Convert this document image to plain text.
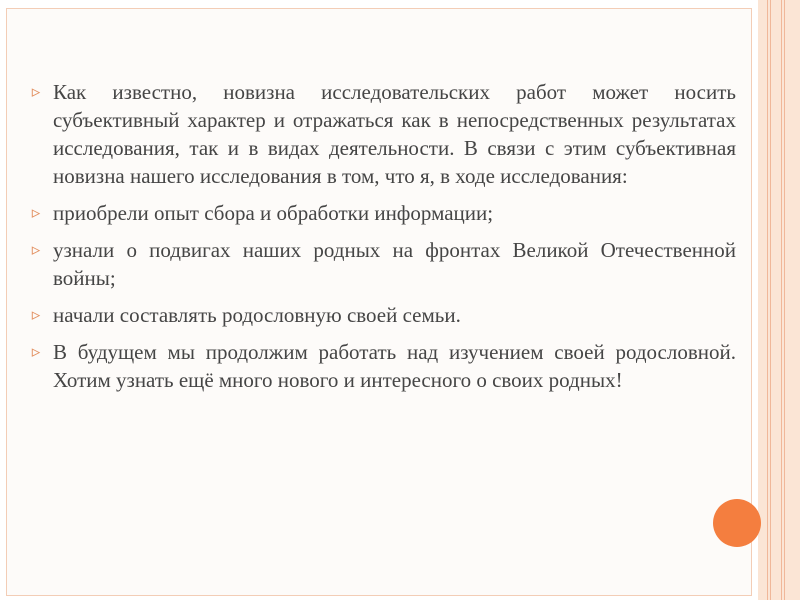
▹ Как известно, новизна исследовательских работ может носить субъективный характер и отражаться как в непосредственных результатах исследования, так и в видах деятельности. В связи с этим субъективная новизна нашего исследования в том, что я, в ходе исследования:
▹ приобрели опыт сбора и обработки информации;
▹ узнали о подвигах наших родных на фронтах Великой Отечественной войны;
▹ начали составлять родословную своей семьи.
▹ В будущем мы продолжим работать над изучением своей родословной. Хотим узнать ещё много нового и интересного о своих родных!
